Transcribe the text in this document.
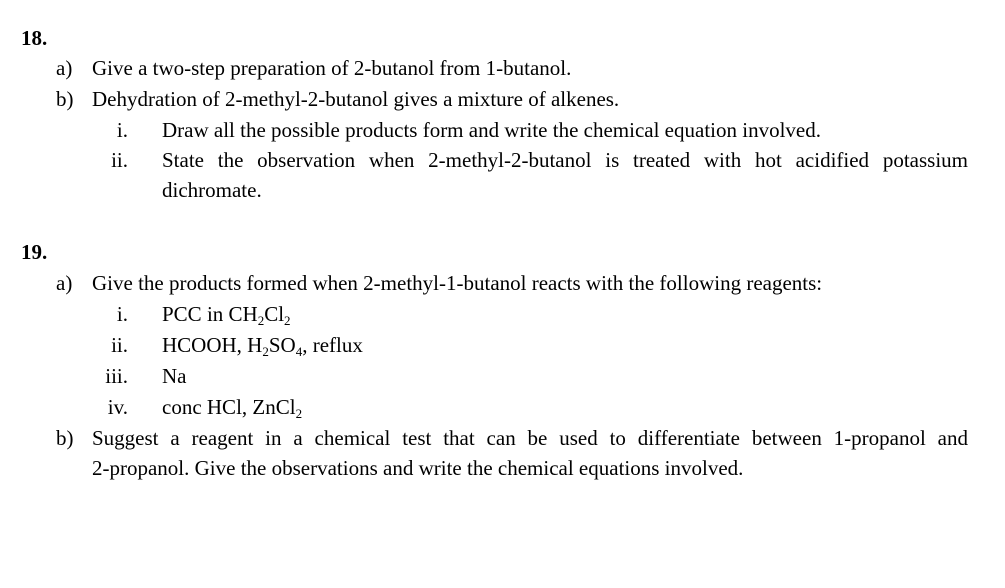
18.
a) Give a two-step preparation of 2-butanol from 1-butanol.
b) Dehydration of 2-methyl-2-butanol gives a mixture of alkenes.
i. Draw all the possible products form and write the chemical equation involved.
ii. State the observation when 2-methyl-2-butanol is treated with hot acidified potassium
dichromate.
19.
a) Give the products formed when 2-methyl-1-butanol reacts with the following reagents:
i. PCC in $CH_2Cl_2$
ii. HCOOH, $H_2SO_4$, reflux
iii. Na
iv. conc HCl, ZnCl$_2$
b) Suggest a reagent in a chemical test that can be used to differentiate between 1-propanol and
2-propanol. Give the observations and write the chemical equations involved.
